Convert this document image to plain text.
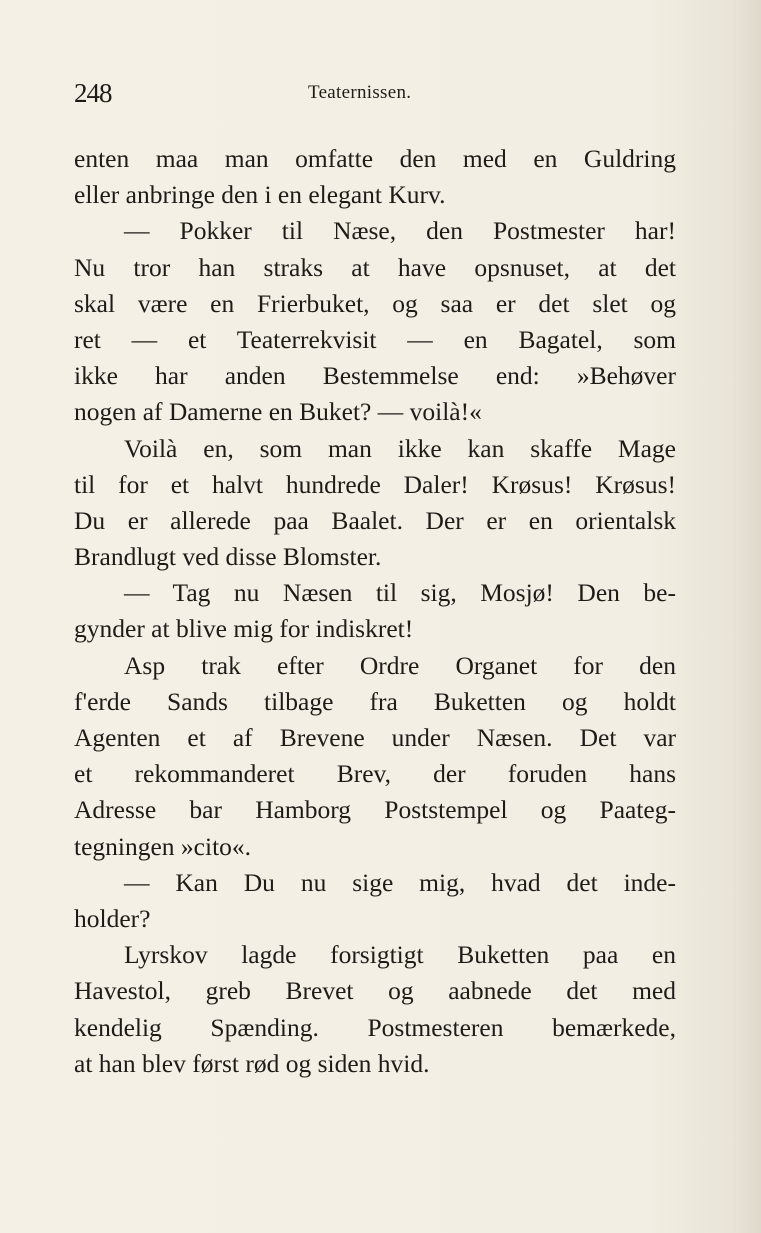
248	Teaternissen.
enten maa man omfatte den med en Guldring
eller anbringe den i en elegant Kurv.
— Pokker til Næse, den Postmester har!
Nu tror han straks at have opsnuset, at det
skal være en Frierbuket, og saa er det slet og
ret — et Teaterrekvisit — en Bagatel, som
ikke har anden Bestemmelse end: »Behøver
nogen af Damerne en Buket? — voilà!«
Voilà en, som man ikke kan skaffe Mage
til for et halvt hundrede Daler! Krøsus! Krøsus!
Du er allerede paa Baalet. Der er en orientalsk
Brandlugt ved disse Blomster.
— Tag nu Næsen til sig, Mosjø! Den be-
gynder at blive mig for indiskret!
Asp trak efter Ordre Organet for den
f'erde Sands tilbage fra Buketten og holdt
Agenten et af Brevene under Næsen. Det var
et rekommanderet Brev, der foruden hans
Adresse bar Hamborg Poststempel og Paateg-
tegningen »cito«.
— Kan Du nu sige mig, hvad det inde-
holder?
Lyrskov lagde forsigtigt Buketten paa en
Havestol, greb Brevet og aabnede det med
kendelig Spænding. Postmesteren bemærkede,
at han blev først rød og siden hvid.
